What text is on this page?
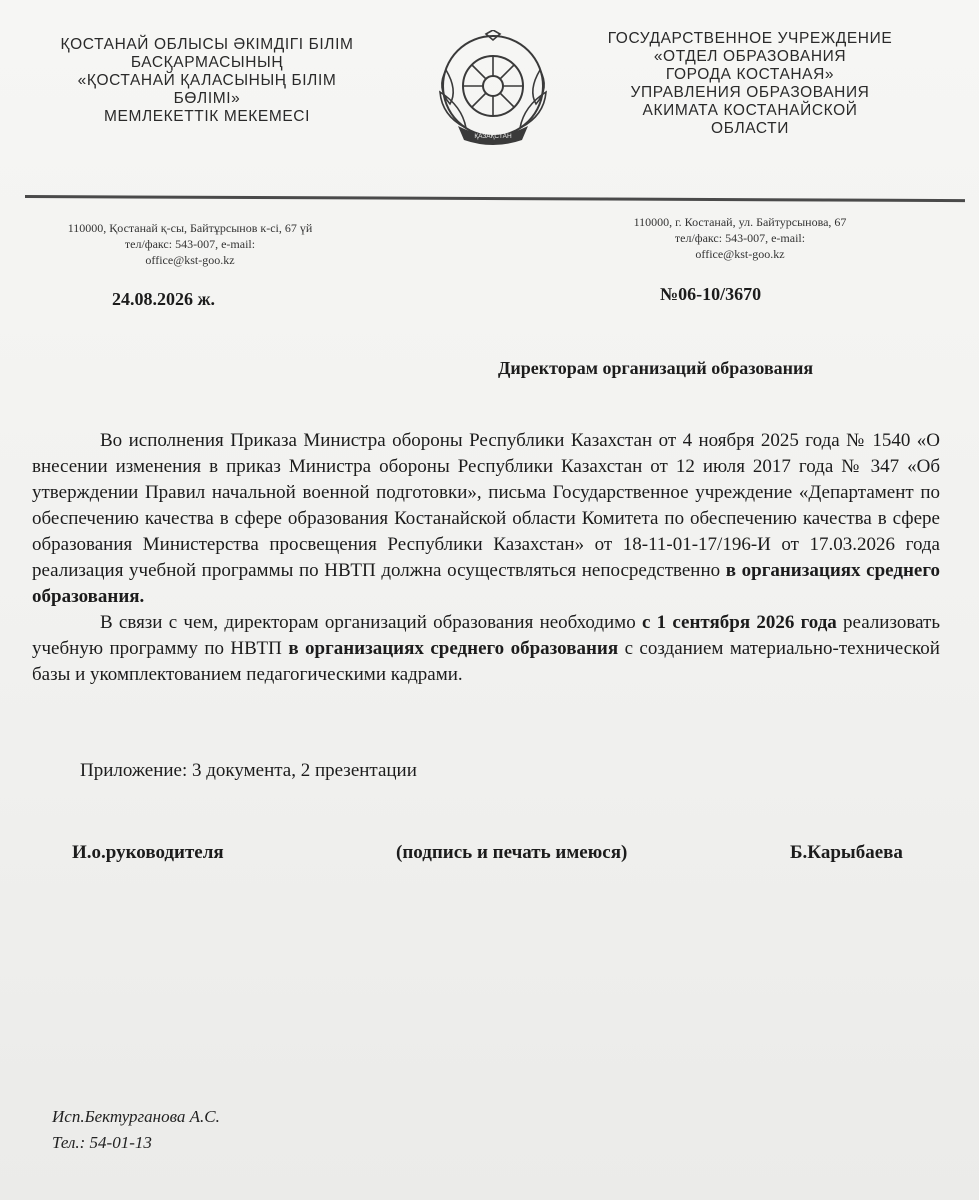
ҚОСТАНАЙ ОБЛЫСЫ ӘКІМДІГІ БІЛІМ
БАСҚАРМАСЫНЫҢ
«ҚОСТАНАЙ ҚАЛАСЫНЫҢ БІЛІМ
БӨЛІМІ»
МЕМЛЕКЕТТІК МЕКЕМЕСІ
ҚАЗАҚСТАН
ГОСУДАРСТВЕННОЕ УЧРЕЖДЕНИЕ
«ОТДЕЛ ОБРАЗОВАНИЯ
ГОРОДА КОСТАНАЯ»
УПРАВЛЕНИЯ ОБРАЗОВАНИЯ
АКИМАТА КОСТАНАЙСКОЙ
ОБЛАСТИ
110000, Қостанай қ-сы, Байтұрсынов к-сі, 67 үй
тел/факс: 543-007, e-mail:
office@kst-goo.kz
110000, г. Костанай, ул. Байтурсынова, 67
тел/факс: 543-007, e-mail:
office@kst-goo.kz
24.08.2026 ж.	№06-10/3670
Директорам организаций образования

Во исполнения Приказа Министра обороны Республики Казахстан от 4 ноября 2025 года № 1540 «О внесении изменения в приказ Министра обороны Республики Казахстан от 12 июля 2017 года № 347 «Об утверждении Правил начальной военной подготовки», письма Государственное учреждение «Департамент по обеспечению качества в сфере образования Костанайской области Комитета по обеспечению качества в сфере образования Министерства просвещения Республики Казахстан» от 18-11-01-17/196-И от 17.03.2026 года реализация учебной программы по НВТП должна осуществляться непосредственно в организациях среднего образования.

В связи с чем, директорам организаций образования необходимо с 1 сентября 2026 года реализовать учебную программу по НВТП в организациях среднего образования с созданием материально-технической базы и укомплектованием педагогическими кадрами.

Приложение: 3 документа, 2 презентации
И.о.руководителя	(подпись и печать имеюся)	Б.Карыбаева
Исп.Бектурганова А.С.
Тел.: 54-01-13
